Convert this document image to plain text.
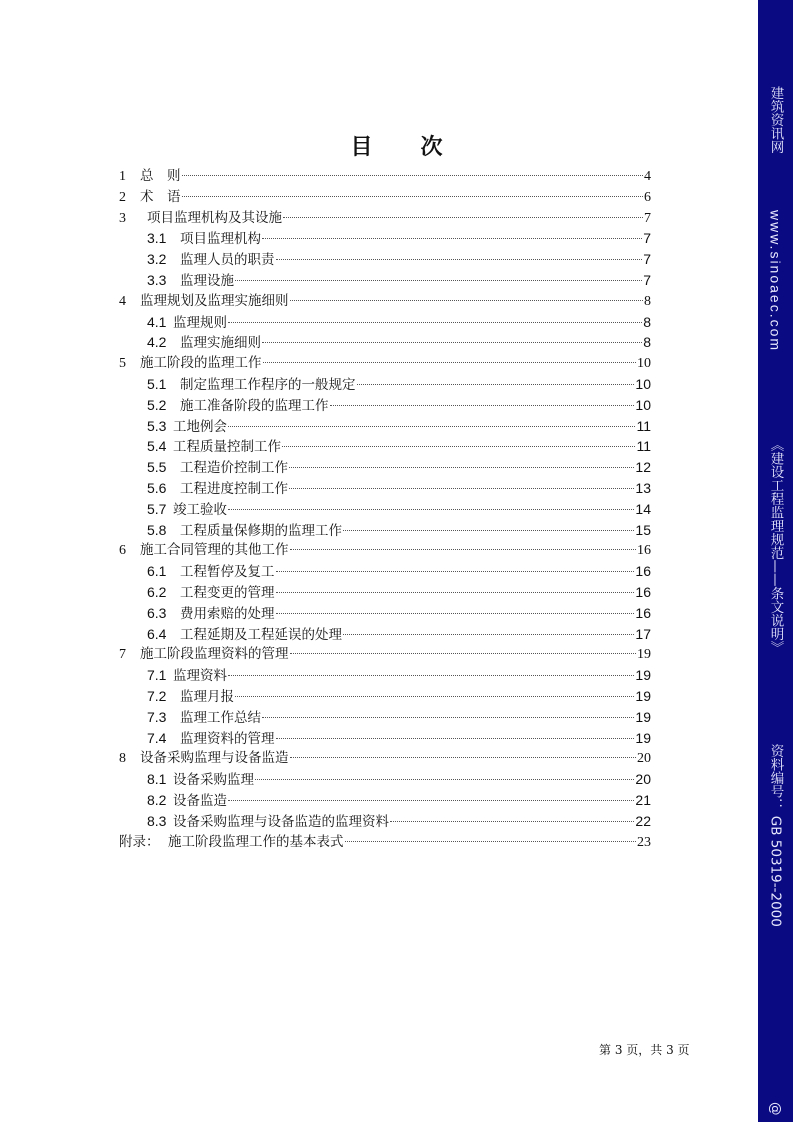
目 次
1	总　则	4
2	术　语	6
3	项目监理机构及其设施	7
3.1	项目监理机构	7
3.2	监理人员的职责	7
3.3	监理设施	7
4	监理规划及监理实施细则	8
4.1 监理规则	8
4.2	监理实施细则	8
5	施工阶段的监理工作	10
5.1	制定监理工作程序的一般规定	10
5.2	施工准备阶段的监理工作	10
5.3 工地例会	11
5.4 工程质量控制工作	11
5.5	工程造价控制工作	12
5.6	工程进度控制工作	13
5.7 竣工验收	14
5.8	工程质量保修期的监理工作	15
6	施工合同管理的其他工作	16
6.1	工程暂停及复工	16
6.2	工程变更的管理	16
6.3	费用索赔的处理	16
6.4	工程延期及工程延误的处理	17
7	施工阶段监理资料的管理	19
7.1 监理资料	19
7.2	监理月报	19
7.3	监理工作总结	19
7.4	监理资料的管理	19
8	设备采购监理与设备监造	20
8.1 设备采购监理	20
8.2 设备监造	21
8.3 设备采购监理与设备监造的监理资料	22
附录： 施工阶段监理工作的基本表式	23
第 3 页，共 3 页
建筑资讯网
www.sinoaec.com
《建设工程监理规范——条文说明》
资料编号： GB 50319--2000
@
